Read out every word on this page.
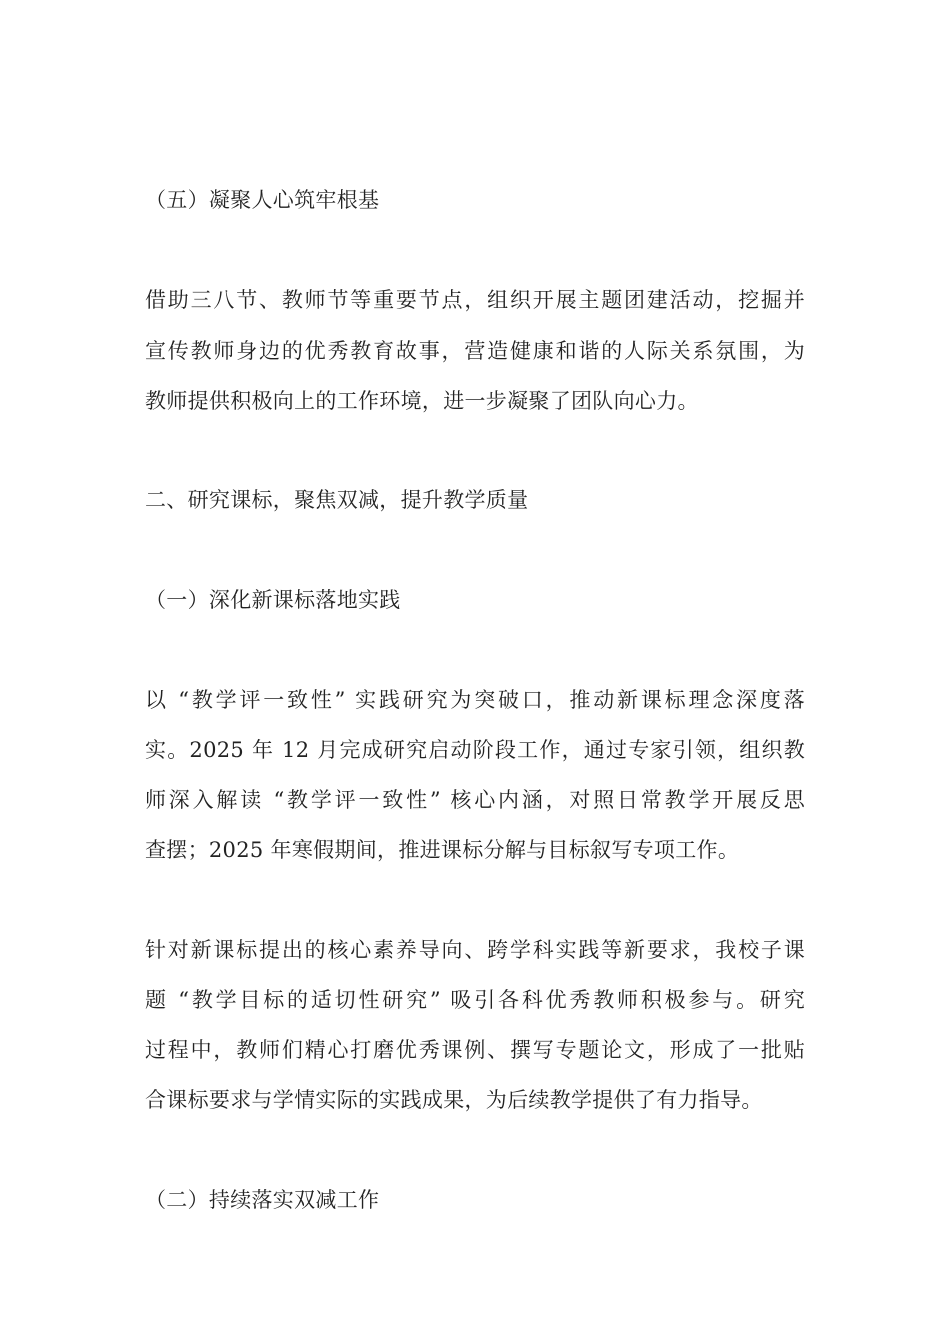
（五）凝聚人心筑牢根基
借助三八节、教师节等重要节点，组织开展主题团建活动，挖掘并
宣传教师身边的优秀教育故事，营造健康和谐的人际关系氛围，为
教师提供积极向上的工作环境，进一步凝聚了团队向心力。
二、研究课标，聚焦双减，提升教学质量
（一）深化新课标落地实践
以 “教学评一致性” 实践研究为突破口，推动新课标理念深度落
实。2025 年 12 月完成研究启动阶段工作，通过专家引领，组织教
师深入解读 “教学评一致性” 核心内涵，对照日常教学开展反思
查摆；2025 年寒假期间，推进课标分解与目标叙写专项工作。
针对新课标提出的核心素养导向、跨学科实践等新要求，我校子课
题 “教学目标的适切性研究” 吸引各科优秀教师积极参与。研究
过程中，教师们精心打磨优秀课例、撰写专题论文，形成了一批贴
合课标要求与学情实际的实践成果，为后续教学提供了有力指导。
（二）持续落实双减工作
